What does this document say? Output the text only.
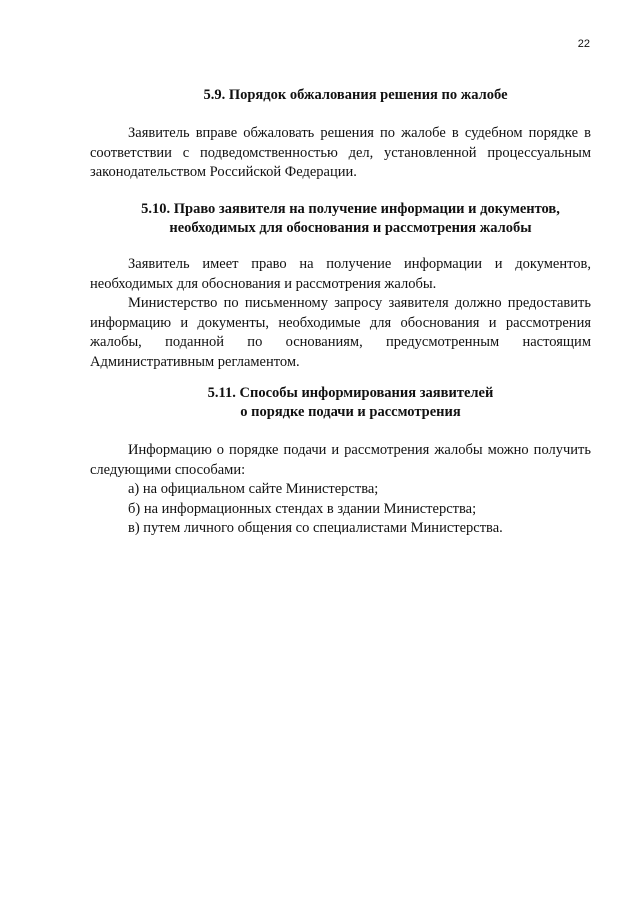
22
5.9. Порядок обжалования решения по жалобе

Заявитель вправе обжаловать решения по жалобе в судебном порядке в соответствии с подведомственностью дел, установленной процессуальным законодательством Российской Федерации.

5.10. Право заявителя на получение информации и документов,
необходимых для обоснования и рассмотрения жалобы

Заявитель имеет право на получение информации и документов, необходимых для обоснования и рассмотрения жалобы.

Министерство по письменному запросу заявителя должно предоставить информацию и документы, необходимые для обоснования и рассмотрения жалобы, поданной по основаниям, предусмотренным настоящим Административным регламентом.

5.11. Способы информирования заявителей
о порядке подачи и рассмотрения

Информацию о порядке подачи и рассмотрения жалобы можно получить следующими способами:

а) на официальном сайте Министерства;

б) на информационных стендах в здании Министерства;

в) путем личного общения со специалистами Министерства.
